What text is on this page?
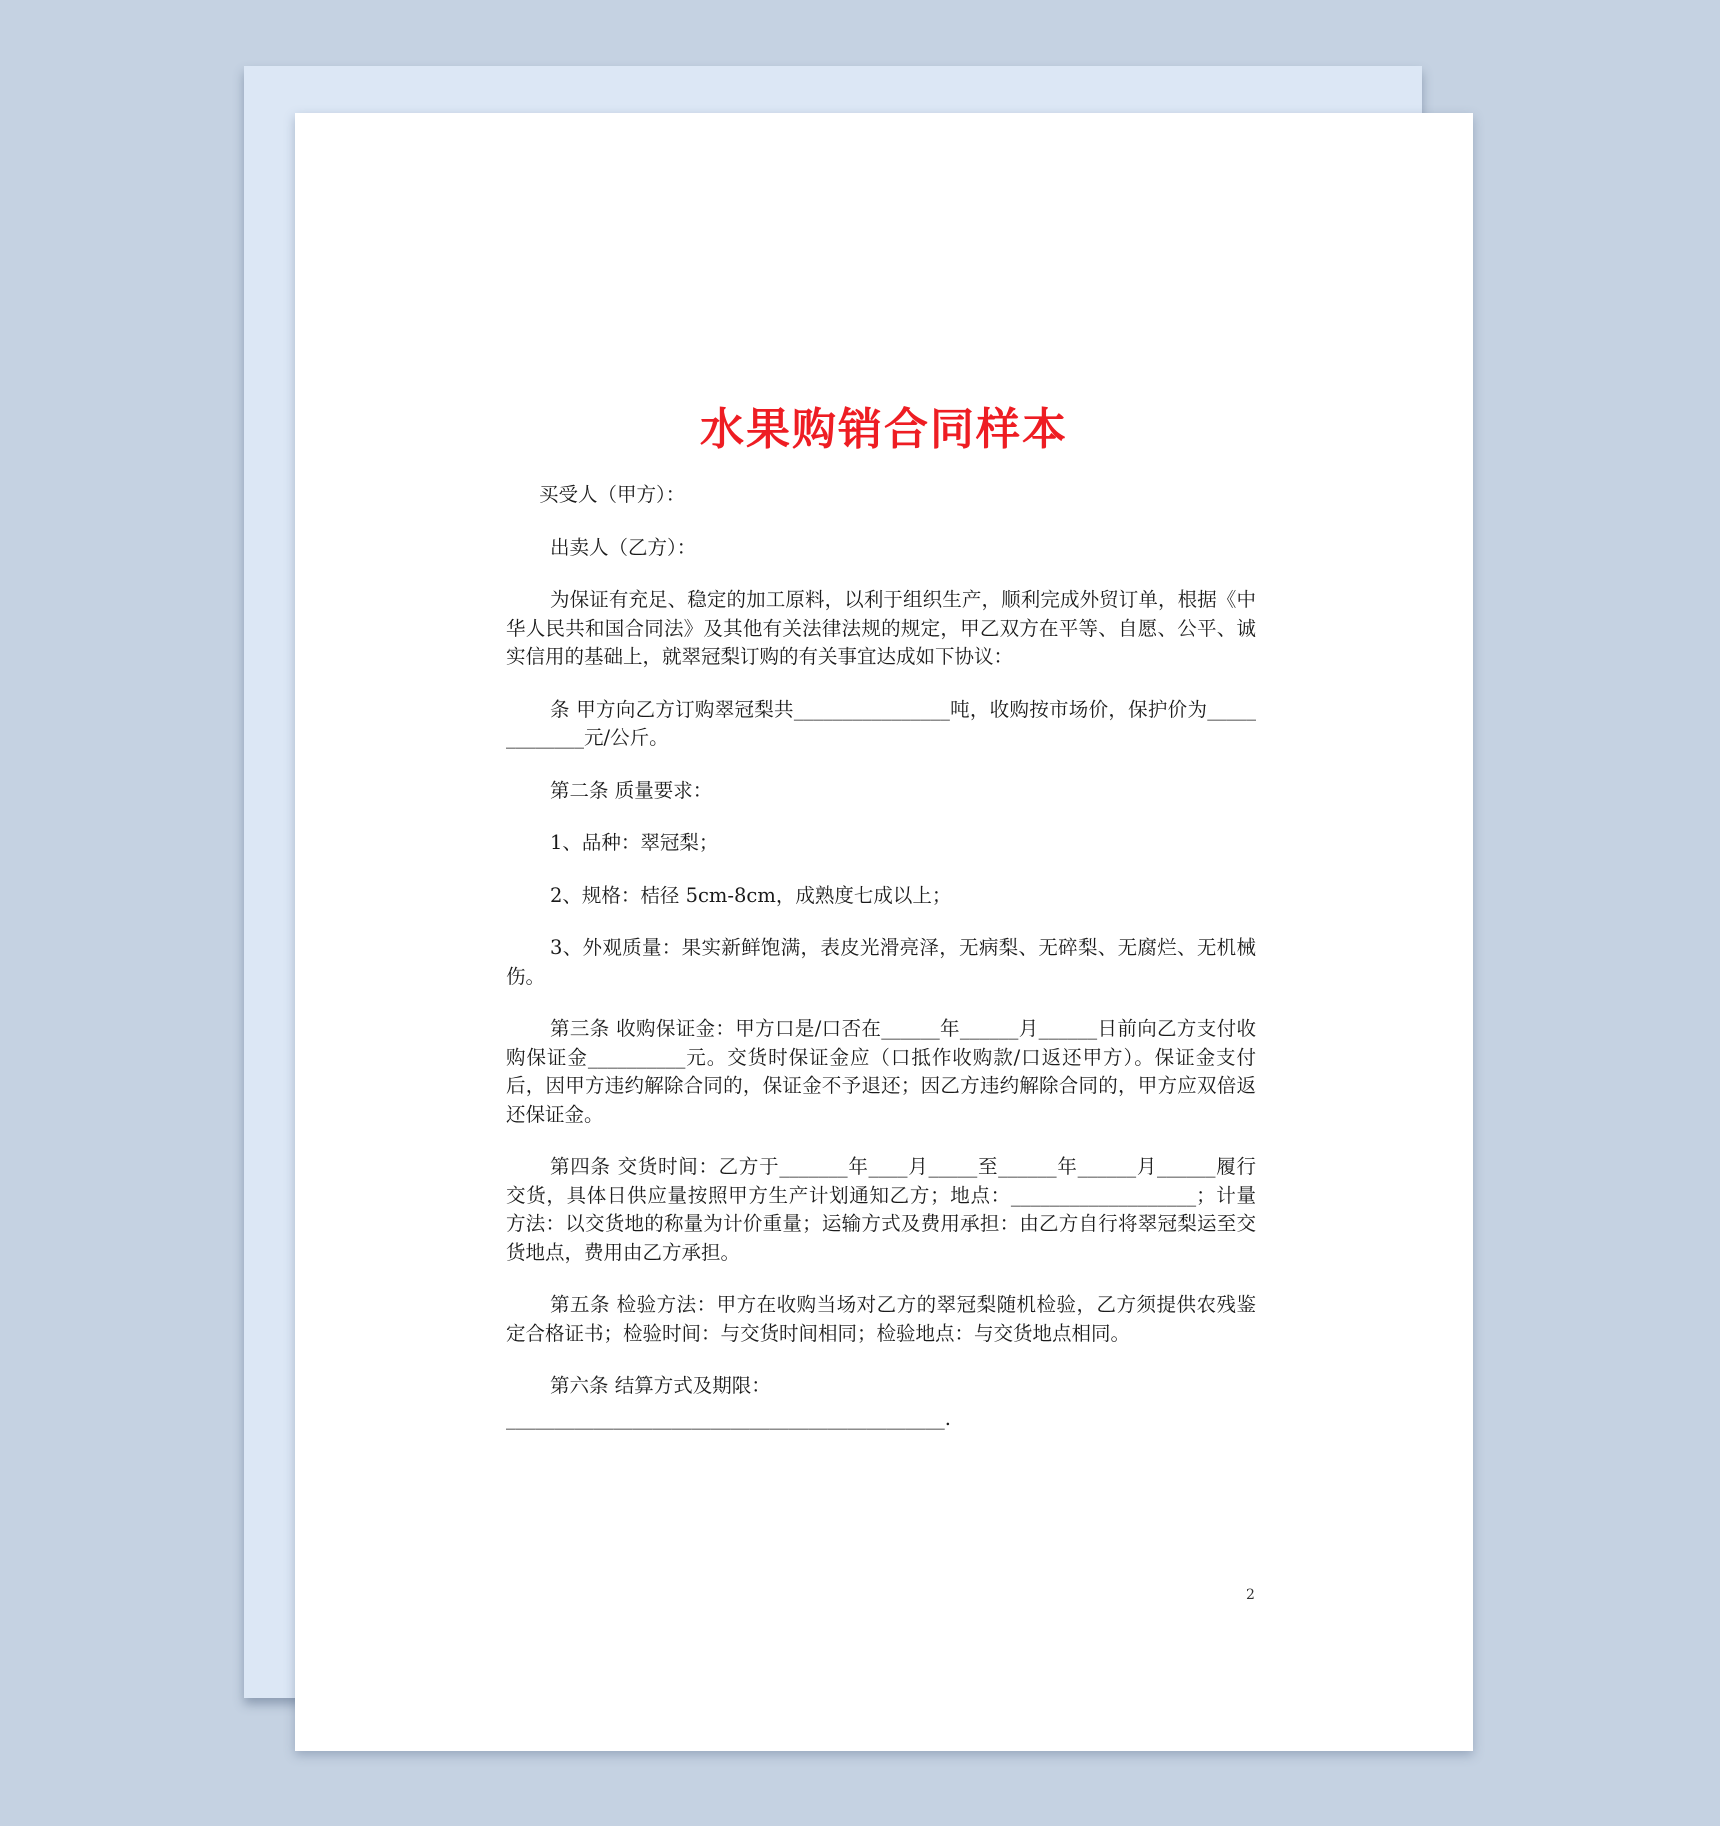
水果购销合同样本

买受人（甲方）：

出卖人（乙方）：

为保证有充足、稳定的加工原料，以利于组织生产，顺利完成外贸订单，根据《中华人民共和国合同法》及其他有关法律法规的规定，甲乙双方在平等、自愿、公平、诚实信用的基础上，就翠冠梨订购的有关事宜达成如下协议：

条 甲方向乙方订购翠冠梨共________________吨，收购按市场价，保护价为_____________元/公斤。

第二条 质量要求：

1、品种：翠冠梨；

2、规格：桔径 5cm-8cm，成熟度七成以上；

3、外观质量：果实新鲜饱满，表皮光滑亮泽，无病梨、无碎梨、无腐烂、无机械伤。

第三条 收购保证金：甲方口是/口否在______年______月______日前向乙方支付收购保证金__________元。交货时保证金应（口抵作收购款/口返还甲方）。保证金支付后，因甲方违约解除合同的，保证金不予退还；因乙方违约解除合同的，甲方应双倍返还保证金。

第四条 交货时间：乙方于_______年____月_____至______年______月______履行交货，具体日供应量按照甲方生产计划通知乙方；地点：___________________；计量方法：以交货地的称量为计价重量；运输方式及费用承担：由乙方自行将翠冠梨运至交货地点，费用由乙方承担。

第五条 检验方法：甲方在收购当场对乙方的翠冠梨随机检验，乙方须提供农残鉴定合格证书；检验时间：与交货时间相同；检验地点：与交货地点相同。

第六条 结算方式及期限：

_____________________________________________.

2
